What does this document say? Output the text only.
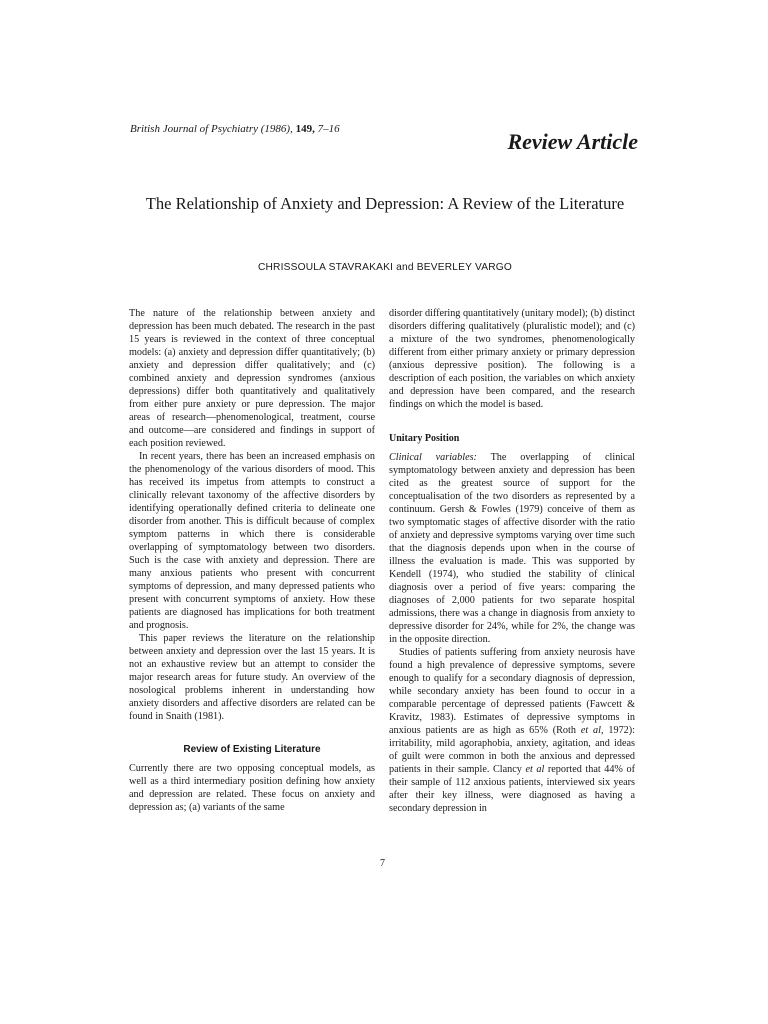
British Journal of Psychiatry (1986), 149, 7–16	Review Article
The Relationship of Anxiety and Depression: A Review of the Literature
CHRISSOULA STAVRAKAKI and BEVERLEY VARGO

The nature of the relationship between anxiety and depression has been much debated. The research in the past 15 years is reviewed in the context of three conceptual models: (a) anxiety and depression differ quantitatively; (b) anxiety and depression differ qualitatively; and (c) combined anxiety and depression syndromes (anxious depressions) differ both quantitatively and qualitatively from either pure anxiety or pure depression. The major areas of research—phenomenological, treatment, course and outcome—are considered and findings in support of each position reviewed.

In recent years, there has been an increased emphasis on the phenomenology of the various disorders of mood. This has received its impetus from attempts to construct a clinically relevant taxonomy of the affective disorders by identifying operationally defined criteria to delineate one disorder from another. This is difficult because of complex symptom patterns in which there is considerable overlapping of symptomatology between two disorders. Such is the case with anxiety and depression. There are many anxious patients who present with concurrent symptoms of depression, and many depressed patients who present with concurrent symptoms of anxiety. How these patients are diagnosed has implications for both treatment and prognosis.

This paper reviews the literature on the relationship between anxiety and depression over the last 15 years. It is not an exhaustive review but an attempt to consider the major research areas for future study. An overview of the nosological problems inherent in understanding how anxiety disorders and affective disorders are related can be found in Snaith (1981).

Review of Existing Literature

Currently there are two opposing conceptual models, as well as a third intermediary position defining how anxiety and depression are related. These focus on anxiety and depression as; (a) variants of the same

disorder differing quantitatively (unitary model); (b) distinct disorders differing qualitatively (pluralistic model); and (c) a mixture of the two syndromes, phenomenologically different from either primary anxiety or primary depression (anxious depressive position). The following is a description of each position, the variables on which anxiety and depression have been compared, and the research findings on which the model is based.

Unitary Position

Clinical variables: The overlapping of clinical symptomatology between anxiety and depression has been cited as the greatest source of support for the conceptualisation of the two disorders as represented by a continuum. Gersh & Fowles (1979) conceive of them as two symptomatic stages of affective disorder with the ratio of anxiety and depressive symptoms varying over time such that the diagnosis depends upon when in the course of illness the evaluation is made. This was supported by Kendell (1974), who studied the stability of clinical diagnosis over a period of five years: comparing the diagnoses of 2,000 patients for two separate hospital admissions, there was a change in diagnosis from anxiety to depressive disorder for 24%, while for 2%, the change was in the opposite direction.

Studies of patients suffering from anxiety neurosis have found a high prevalence of depressive symptoms, severe enough to qualify for a secondary diagnosis of depression, while secondary anxiety has been found to occur in a comparable percentage of depressed patients (Fawcett & Kravitz, 1983). Estimates of depressive symptoms in anxious patients are as high as 65% (Roth et al, 1972): irritability, mild agoraphobia, anxiety, agitation, and ideas of guilt were common in both the anxious and depressed patients in their sample. Clancy et al reported that 44% of their sample of 112 anxious patients, interviewed six years after their key illness, were diagnosed as having a secondary depression in

7
